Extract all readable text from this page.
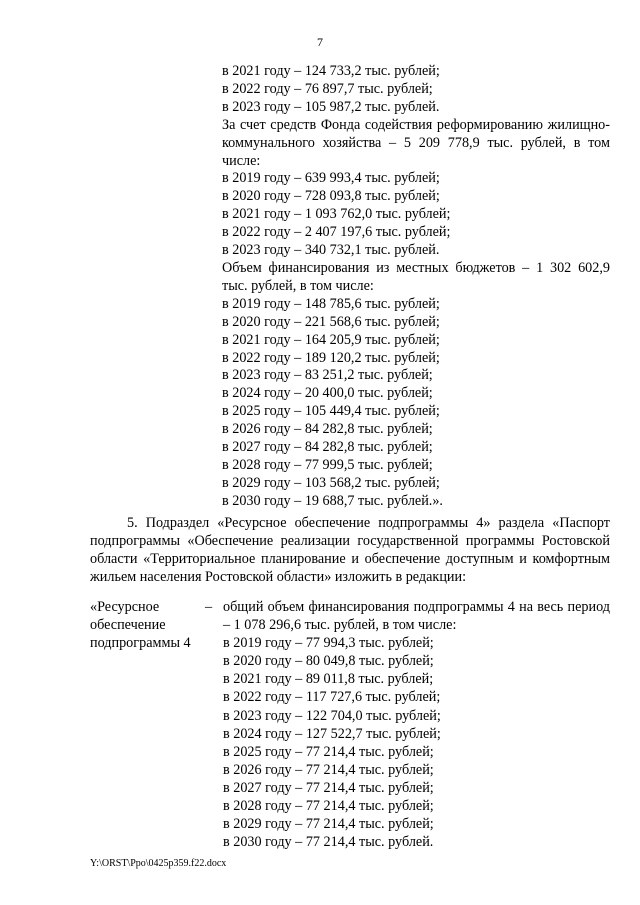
7
в 2021 году – 124 733,2 тыс. рублей;
в 2022 году – 76 897,7 тыс. рублей;
в 2023 году – 105 987,2 тыс. рублей.
За счет средств Фонда содействия реформированию жилищно-коммунального хозяйства – 5 209 778,9 тыс. рублей, в том числе:
в 2019 году – 639 993,4 тыс. рублей;
в 2020 году – 728 093,8 тыс. рублей;
в 2021 году – 1 093 762,0 тыс. рублей;
в 2022 году – 2 407 197,6 тыс. рублей;
в 2023 году – 340 732,1 тыс. рублей.
Объем финансирования из местных бюджетов – 1 302 602,9 тыс. рублей, в том числе:
в 2019 году – 148 785,6 тыс. рублей;
в 2020 году – 221 568,6 тыс. рублей;
в 2021 году – 164 205,9 тыс. рублей;
в 2022 году – 189 120,2 тыс. рублей;
в 2023 году – 83 251,2 тыс. рублей;
в 2024 году – 20 400,0 тыс. рублей;
в 2025 году – 105 449,4 тыс. рублей;
в 2026 году – 84 282,8 тыс. рублей;
в 2027 году – 84 282,8 тыс. рублей;
в 2028 году – 77 999,5 тыс. рублей;
в 2029 году – 103 568,2 тыс. рублей;
в 2030 году – 19 688,7 тыс. рублей.».
5. Подраздел «Ресурсное обеспечение подпрограммы 4» раздела «Паспорт подпрограммы «Обеспечение реализации государственной программы Ростовской области «Территориальное планирование и обеспечение доступным и комфортным жильем населения Ростовской области» изложить в редакции:
«Ресурсное
обеспечение
подпрограммы 4
– общий объем финансирования подпрограммы 4 на весь период – 1 078 296,6 тыс. рублей, в том числе:
в 2019 году – 77 994,3 тыс. рублей;
в 2020 году – 80 049,8 тыс. рублей;
в 2021 году – 89 011,8 тыс. рублей;
в 2022 году – 117 727,6 тыс. рублей;
в 2023 году – 122 704,0 тыс. рублей;
в 2024 году – 127 522,7 тыс. рублей;
в 2025 году – 77 214,4 тыс. рублей;
в 2026 году – 77 214,4 тыс. рублей;
в 2027 году – 77 214,4 тыс. рублей;
в 2028 году – 77 214,4 тыс. рублей;
в 2029 году – 77 214,4 тыс. рублей;
в 2030 году – 77 214,4 тыс. рублей.
Y:\ORST\Ppo\0425p359.f22.docx
